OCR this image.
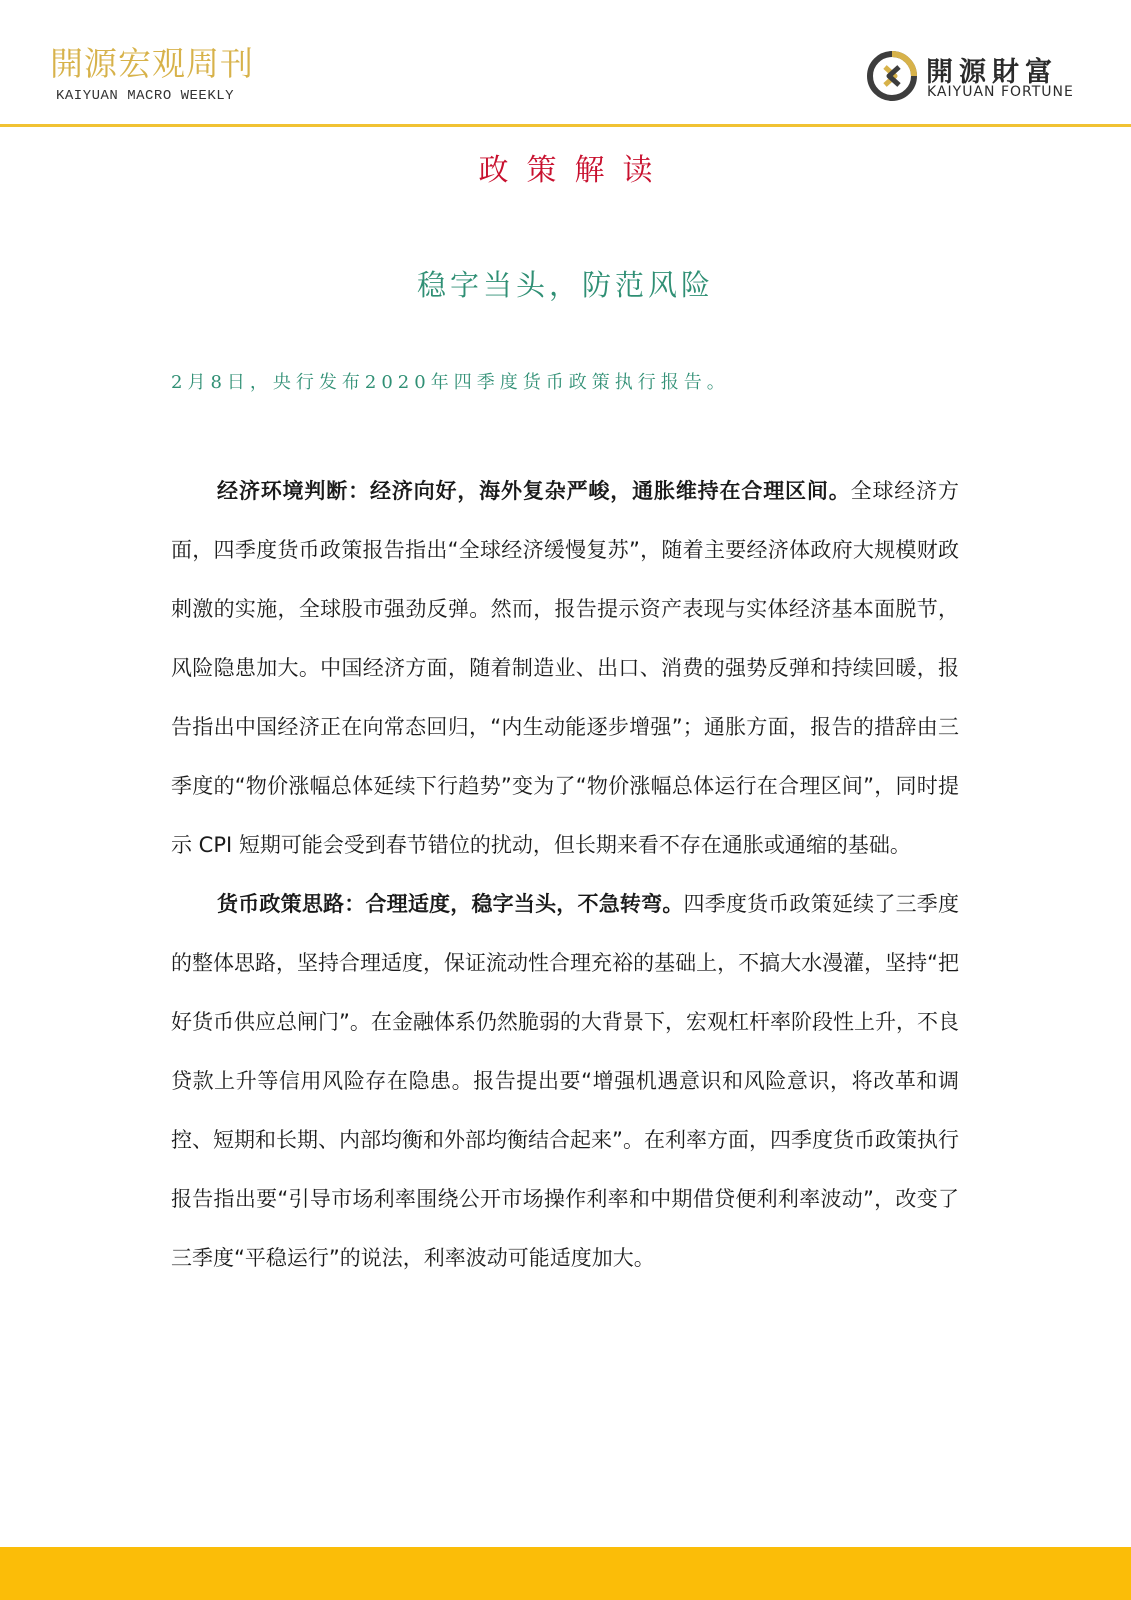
開源宏观周刊
KAIYUAN MACRO WEEKLY
開源財富
KAIYUAN FORTUNE
政策解读
稳字当头，防范风险
2月8日，央行发布2020年四季度货币政策执行报告。

经济环境判断：经济向好，海外复杂严峻，通胀维持在合理区间。全球经济方面，四季度货币政策报告指出“全球经济缓慢复苏”，随着主要经济体政府大规模财政刺激的实施，全球股市强劲反弹。然而，报告提示资产表现与实体经济基本面脱节，风险隐患加大。中国经济方面，随着制造业、出口、消费的强势反弹和持续回暖，报告指出中国经济正在向常态回归，“内生动能逐步增强”；通胀方面，报告的措辞由三季度的“物价涨幅总体延续下行趋势”变为了“物价涨幅总体运行在合理区间”，同时提示 CPI 短期可能会受到春节错位的扰动，但长期来看不存在通胀或通缩的基础。

货币政策思路：合理适度，稳字当头，不急转弯。四季度货币政策延续了三季度的整体思路，坚持合理适度，保证流动性合理充裕的基础上，不搞大水漫灌，坚持“把好货币供应总闸门”。在金融体系仍然脆弱的大背景下，宏观杠杆率阶段性上升，不良贷款上升等信用风险存在隐患。报告提出要“增强机遇意识和风险意识，将改革和调控、短期和长期、内部均衡和外部均衡结合起来”。在利率方面，四季度货币政策执行报告指出要“引导市场利率围绕公开市场操作利率和中期借贷便利利率波动”，改变了三季度“平稳运行”的说法，利率波动可能适度加大。
